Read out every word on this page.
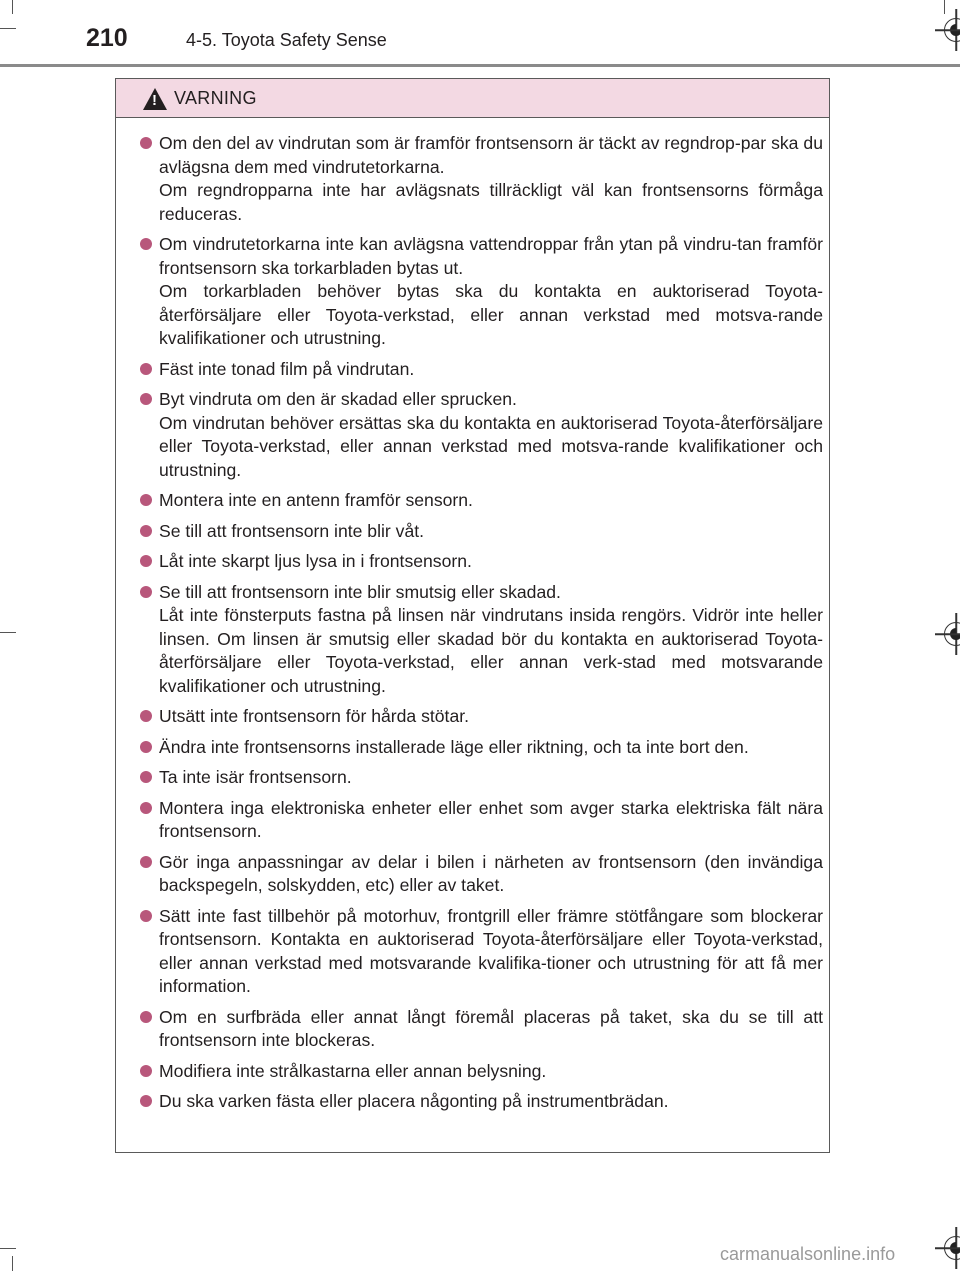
210	4-5. Toyota Safety Sense
! VARNING

Om den del av vindrutan som är framför frontsensorn är täckt av regndrop-par ska du avlägsna dem med vindrutetorkarna.

Om regndropparna inte har avlägsnats tillräckligt väl kan frontsensorns förmåga reduceras.

Om vindrutetorkarna inte kan avlägsna vattendroppar från ytan på vindru-tan framför frontsensorn ska torkarbladen bytas ut.

Om torkarbladen behöver bytas ska du kontakta en auktoriserad Toyota-återförsäljare eller Toyota-verkstad, eller annan verkstad med motsva-rande kvalifikationer och utrustning.

Fäst inte tonad film på vindrutan.

Byt vindruta om den är skadad eller sprucken.

Om vindrutan behöver ersättas ska du kontakta en auktoriserad Toyota-återförsäljare eller Toyota-verkstad, eller annan verkstad med motsva-rande kvalifikationer och utrustning.

Montera inte en antenn framför sensorn.

Se till att frontsensorn inte blir våt.

Låt inte skarpt ljus lysa in i frontsensorn.

Se till att frontsensorn inte blir smutsig eller skadad.

Låt inte fönsterputs fastna på linsen när vindrutans insida rengörs. Vidrör inte heller linsen. Om linsen är smutsig eller skadad bör du kontakta en auktoriserad Toyota-återförsäljare eller Toyota-verkstad, eller annan verk-stad med motsvarande kvalifikationer och utrustning.

Utsätt inte frontsensorn för hårda stötar.

Ändra inte frontsensorns installerade läge eller riktning, och ta inte bort den.

Ta inte isär frontsensorn.

Montera inga elektroniska enheter eller enhet som avger starka elektriska fält nära frontsensorn.

Gör inga anpassningar av delar i bilen i närheten av frontsensorn (den invändiga backspegeln, solskydden, etc) eller av taket.

Sätt inte fast tillbehör på motorhuv, frontgrill eller främre stötfångare som blockerar frontsensorn. Kontakta en auktoriserad Toyota-återförsäljare eller Toyota-verkstad, eller annan verkstad med motsvarande kvalifika-tioner och utrustning för att få mer information.

Om en surfbräda eller annat långt föremål placeras på taket, ska du se till att frontsensorn inte blockeras.

Modifiera inte strålkastarna eller annan belysning.

Du ska varken fästa eller placera någonting på instrumentbrädan.

carmanualsonline.info
